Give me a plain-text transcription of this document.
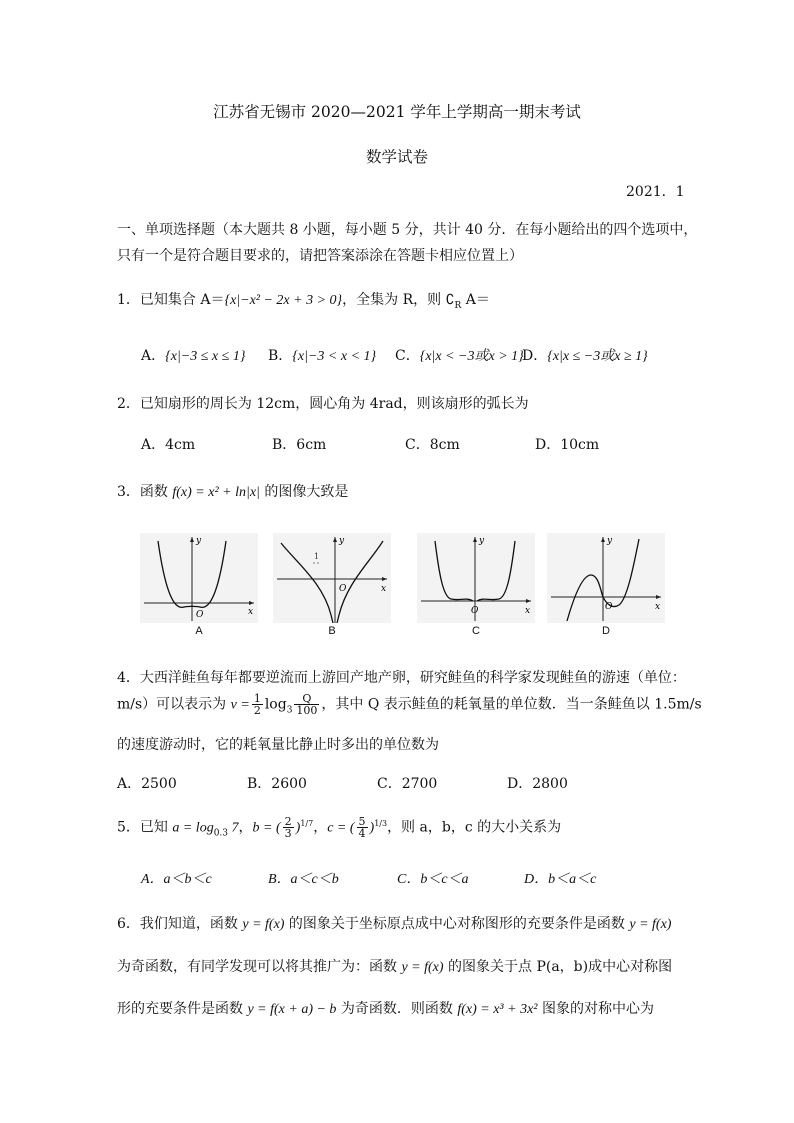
江苏省无锡市 2020—2021 学年上学期高一期末考试
数学试卷
2021．1
一、单项选择题（本大题共 8 小题，每小题 5 分，共计 40 分．在每小题给出的四个选项中，
只有一个是符合题目要求的，请把答案添涂在答题卡相应位置上）
1．已知集合 A＝{x|−x² − 2x + 3 > 0}，全集为 R，则 $∁_R$ A＝
A．{x|−3 ≤ x ≤ 1} B．{x|−3 < x < 1} C．{x|x < −3或x > 1}
D．{x|x ≤ −3或x ≥ 1}
2．已知扇形的周长为 12cm，圆心角为 4rad，则该扇形的弧长为
A．4cm	B．6cm	C．8cm	D．10cm
3．函数 f(x) = x² + ln|x| 的图像大致是
O	x
y
A
1
O	x
y
B
O	x
y
C
O	x
y
D
4．大西洋鲑鱼每年都要逆流而上游回产地产卵，研究鲑鱼的科学家发现鲑鱼的游速（单位：
m/s）可以表示为 $v = \frac{1}{2} \log_3 \frac{Q}{100}$ ，其中 Q 表示鲑鱼的耗氧量的单位数．当一条鲑鱼以 1.5m/s
的速度游动时，它的耗氧量比静止时多出的单位数为
A．2500	B．2600	C．2700	D．2800
5．已知 $a = \log_{0.3} 7$，b = ( $\frac{2}{3} )^{1/7}$，c = ( $\frac{5}{4} )^{1/3}$，则 a，b，c 的大小关系为
A．a＜b＜c	B．a＜c＜b	C．b＜c＜a	D．b＜a＜c
6．我们知道，函数 y = f(x) 的图象关于坐标原点成中心对称图形的充要条件是函数 y = f(x)
为奇函数，有同学发现可以将其推广为：函数 y = f(x) 的图象关于点 P(a，b)成中心对称图
形的充要条件是函数 y = f(x + a) − b 为奇函数．则函数 f(x) = x³ + 3x² 图象的对称中心为
